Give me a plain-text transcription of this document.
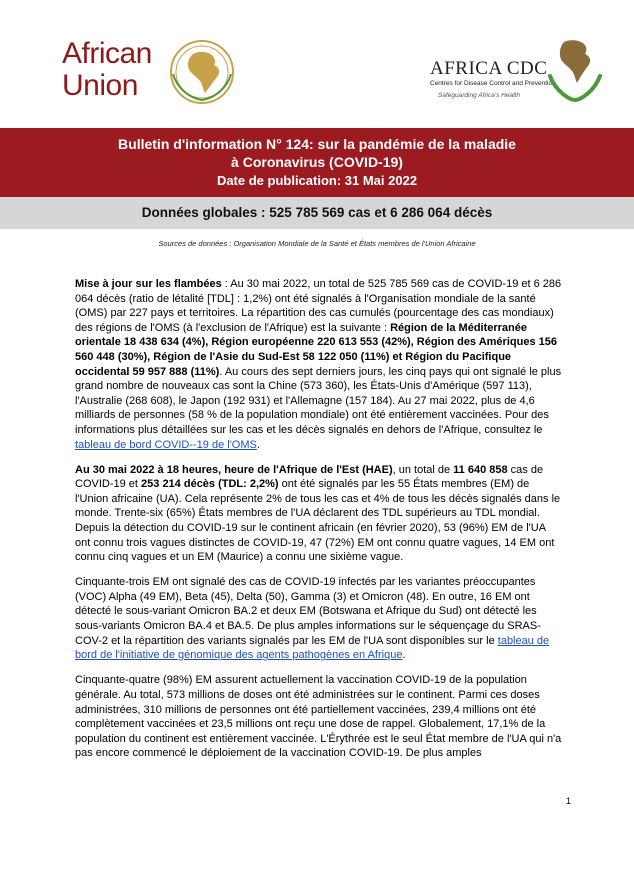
African
Union
AFRICA CDC
Centres for Disease Control and Prevention
Safeguarding Africa's Health
Bulletin d'information N° 124: sur la pandémie de la maladie
à Coronavirus (COVID-19)
Date de publication: 31 Mai 2022
Données globales : 525 785 569 cas et 6 286 064 décès
Sources de données : Organisation Mondiale de la Santé et États membres de l'Union Africaine

Mise à jour sur les flambées : Au 30 mai 2022, un total de 525 785 569 cas de COVID-19 et 6 286 064 décès (ratio de létalité [TDL] : 1,2%) ont été signalés à l'Organisation mondiale de la santé (OMS) par 227 pays et territoires. La répartition des cas cumulés (pourcentage des cas mondiaux) des régions de l'OMS (à l'exclusion de l'Afrique) est la suivante : Région de la Méditerranée orientale 18 438 634 (4%), Région européenne 220 613 553 (42%), Région des Amériques 156 560 448 (30%), Région de l'Asie du Sud-Est 58 122 050 (11%) et Région du Pacifique occidental 59 957 888 (11%). Au cours des sept derniers jours, les cinq pays qui ont signalé le plus grand nombre de nouveaux cas sont la Chine (573 360), les États-Unis d'Amérique (597 113), l'Australie (268 608), le Japon (192 931) et l'Allemagne (157 184). Au 27 mai 2022, plus de 4,6 milliards de personnes (58 % de la population mondiale) ont été entièrement vaccinées. Pour des informations plus détaillées sur les cas et les décès signalés en dehors de l'Afrique, consultez le tableau de bord COVID--19 de l'OMS.

Au 30 mai 2022 à 18 heures, heure de l'Afrique de l'Est (HAE), un total de 11 640 858 cas de COVID-19 et 253 214 décès (TDL: 2,2%) ont été signalés par les 55 États membres (EM) de l'Union africaine (UA). Cela représente 2% de tous les cas et 4% de tous les décès signalés dans le monde. Trente-six (65%) États membres de l'UA déclarent des TDL supérieurs au TDL mondial. Depuis la détection du COVID-19 sur le continent africain (en février 2020), 53 (96%) EM de l'UA ont connu trois vagues distinctes de COVID-19, 47 (72%) EM ont connu quatre vagues, 14 EM ont connu cinq vagues et un EM (Maurice) a connu une sixième vague.

Cinquante-trois EM ont signalé des cas de COVID-19 infectés par les variantes préoccupantes (VOC) Alpha (49 EM), Beta (45), Delta (50), Gamma (3) et Omicron (48). En outre, 16 EM ont détecté le sous-variant Omicron BA.2 et deux EM (Botswana et Afrique du Sud) ont détecté les sous-variants Omicron BA.4 et BA.5. De plus amples informations sur le séquençage du SRAS-COV-2 et la répartition des variants signalés par les EM de l'UA sont disponibles sur le tableau de bord de l'initiative de génomique des agents pathogènes en Afrique.

Cinquante-quatre (98%) EM assurent actuellement la vaccination COVID-19 de la population générale. Au total, 573 millions de doses ont été administrées sur le continent. Parmi ces doses administrées, 310 millions de personnes ont été partiellement vaccinées, 239,4 millions ont été complètement vaccinées et 23,5 millions ont reçu une dose de rappel. Globalement, 17,1% de la population du continent est entièrement vaccinée. L'Érythrée est le seul État membre de l'UA qui n'a pas encore commencé le déploiement de la vaccination COVID-19. De plus amples

1
